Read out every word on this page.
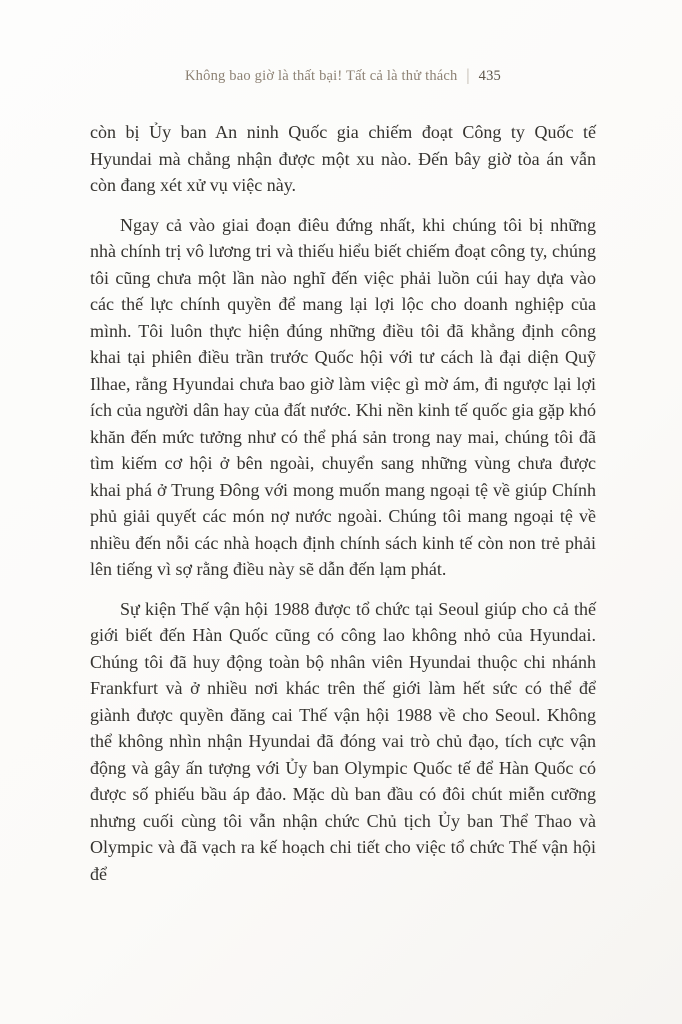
Không bao giờ là thất bại! Tất cả là thử thách | 435

còn bị Ủy ban An ninh Quốc gia chiếm đoạt Công ty Quốc tế Hyundai mà chẳng nhận được một xu nào. Đến bây giờ tòa án vẫn còn đang xét xử vụ việc này.

Ngay cả vào giai đoạn điêu đứng nhất, khi chúng tôi bị những nhà chính trị vô lương tri và thiếu hiểu biết chiếm đoạt công ty, chúng tôi cũng chưa một lần nào nghĩ đến việc phải luồn cúi hay dựa vào các thế lực chính quyền để mang lại lợi lộc cho doanh nghiệp của mình. Tôi luôn thực hiện đúng những điều tôi đã khẳng định công khai tại phiên điều trần trước Quốc hội với tư cách là đại diện Quỹ Ilhae, rằng Hyundai chưa bao giờ làm việc gì mờ ám, đi ngược lại lợi ích của người dân hay của đất nước. Khi nền kinh tế quốc gia gặp khó khăn đến mức tưởng như có thể phá sản trong nay mai, chúng tôi đã tìm kiếm cơ hội ở bên ngoài, chuyển sang những vùng chưa được khai phá ở Trung Đông với mong muốn mang ngoại tệ về giúp Chính phủ giải quyết các món nợ nước ngoài. Chúng tôi mang ngoại tệ về nhiều đến nỗi các nhà hoạch định chính sách kinh tế còn non trẻ phải lên tiếng vì sợ rằng điều này sẽ dẫn đến lạm phát.

Sự kiện Thế vận hội 1988 được tổ chức tại Seoul giúp cho cả thế giới biết đến Hàn Quốc cũng có công lao không nhỏ của Hyundai. Chúng tôi đã huy động toàn bộ nhân viên Hyundai thuộc chi nhánh Frankfurt và ở nhiều nơi khác trên thế giới làm hết sức có thể để giành được quyền đăng cai Thế vận hội 1988 về cho Seoul. Không thể không nhìn nhận Hyundai đã đóng vai trò chủ đạo, tích cực vận động và gây ấn tượng với Ủy ban Olympic Quốc tế để Hàn Quốc có được số phiếu bầu áp đảo. Mặc dù ban đầu có đôi chút miễn cưỡng nhưng cuối cùng tôi vẫn nhận chức Chủ tịch Ủy ban Thể Thao và Olympic và đã vạch ra kế hoạch chi tiết cho việc tổ chức Thế vận hội để
